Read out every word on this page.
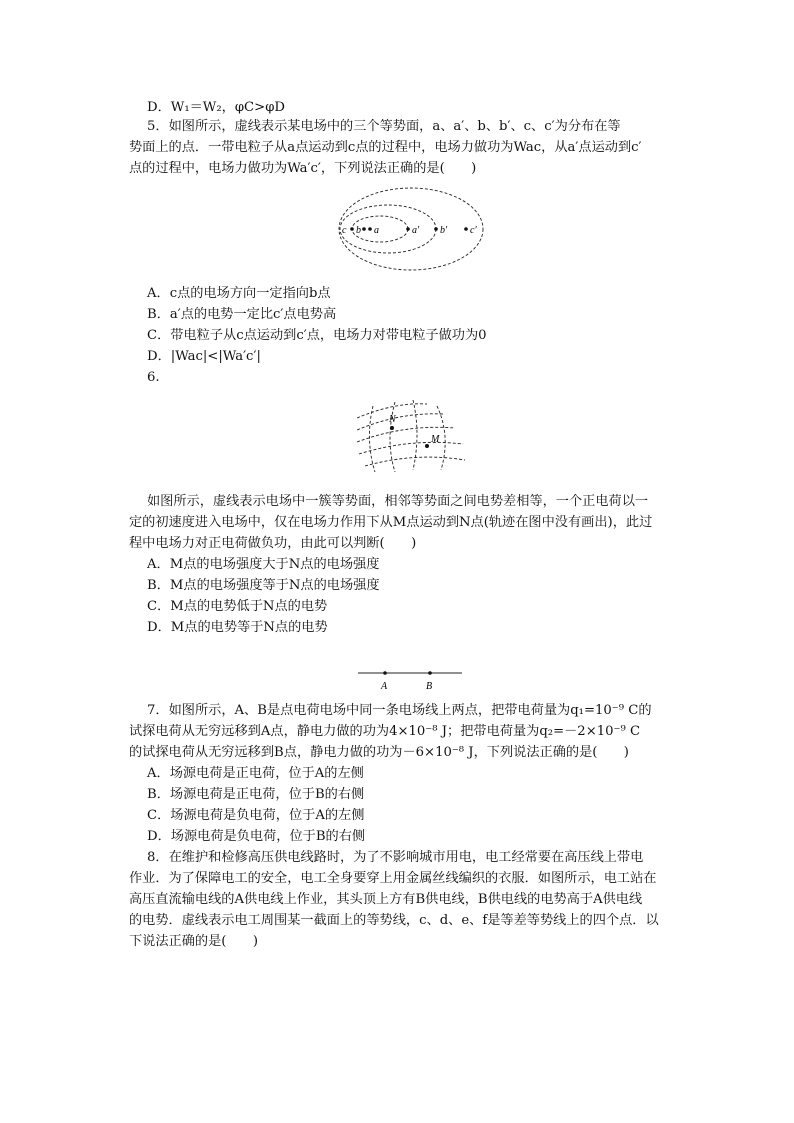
D．W₁＝W₂，φC>φD
5．如图所示，虚线表示某电场中的三个等势面，a、a′、b、b′、c、c′为分布在等
势面上的点．一带电粒子从a点运动到c点的过程中，电场力做功为Wac，从a′点运动到c′
点的过程中，电场力做功为Wa′c′，下列说法正确的是(　　)
c b a	a′ b′ c′
A．c点的电场方向一定指向b点
B．a′点的电势一定比c′点电势高
C．带电粒子从c点运动到c′点，电场力对带电粒子做功为0
D．|Wac|<|Wa′c′|
6.
N
M
如图所示，虚线表示电场中一簇等势面，相邻等势面之间电势差相等，一个正电荷以一
定的初速度进入电场中，仅在电场力作用下从M点运动到N点(轨迹在图中没有画出)，此过
程中电场力对正电荷做负功，由此可以判断(　　)
A．M点的电场强度大于N点的电场强度
B．M点的电场强度等于N点的电场强度
C．M点的电势低于N点的电势
D．M点的电势等于N点的电势
A	B
7．如图所示，A、B是点电荷电场中同一条电场线上两点，把带电荷量为q₁=10⁻⁹ C的
试探电荷从无穷远移到A点，静电力做的功为4×10⁻⁸ J；把带电荷量为q₂=－2×10⁻⁹ C
的试探电荷从无穷远移到B点，静电力做的功为－6×10⁻⁸ J，下列说法正确的是(　　)
A．场源电荷是正电荷，位于A的左侧
B．场源电荷是正电荷，位于B的右侧
C．场源电荷是负电荷，位于A的左侧
D．场源电荷是负电荷，位于B的右侧
8．在维护和检修高压供电线路时，为了不影响城市用电，电工经常要在高压线上带电
作业．为了保障电工的安全，电工全身要穿上用金属丝线编织的衣服．如图所示，电工站在
高压直流输电线的A供电线上作业，其头顶上方有B供电线，B供电线的电势高于A供电线
的电势．虚线表示电工周围某一截面上的等势线，c、d、e、f是等差等势线上的四个点．以
下说法正确的是(　　)
